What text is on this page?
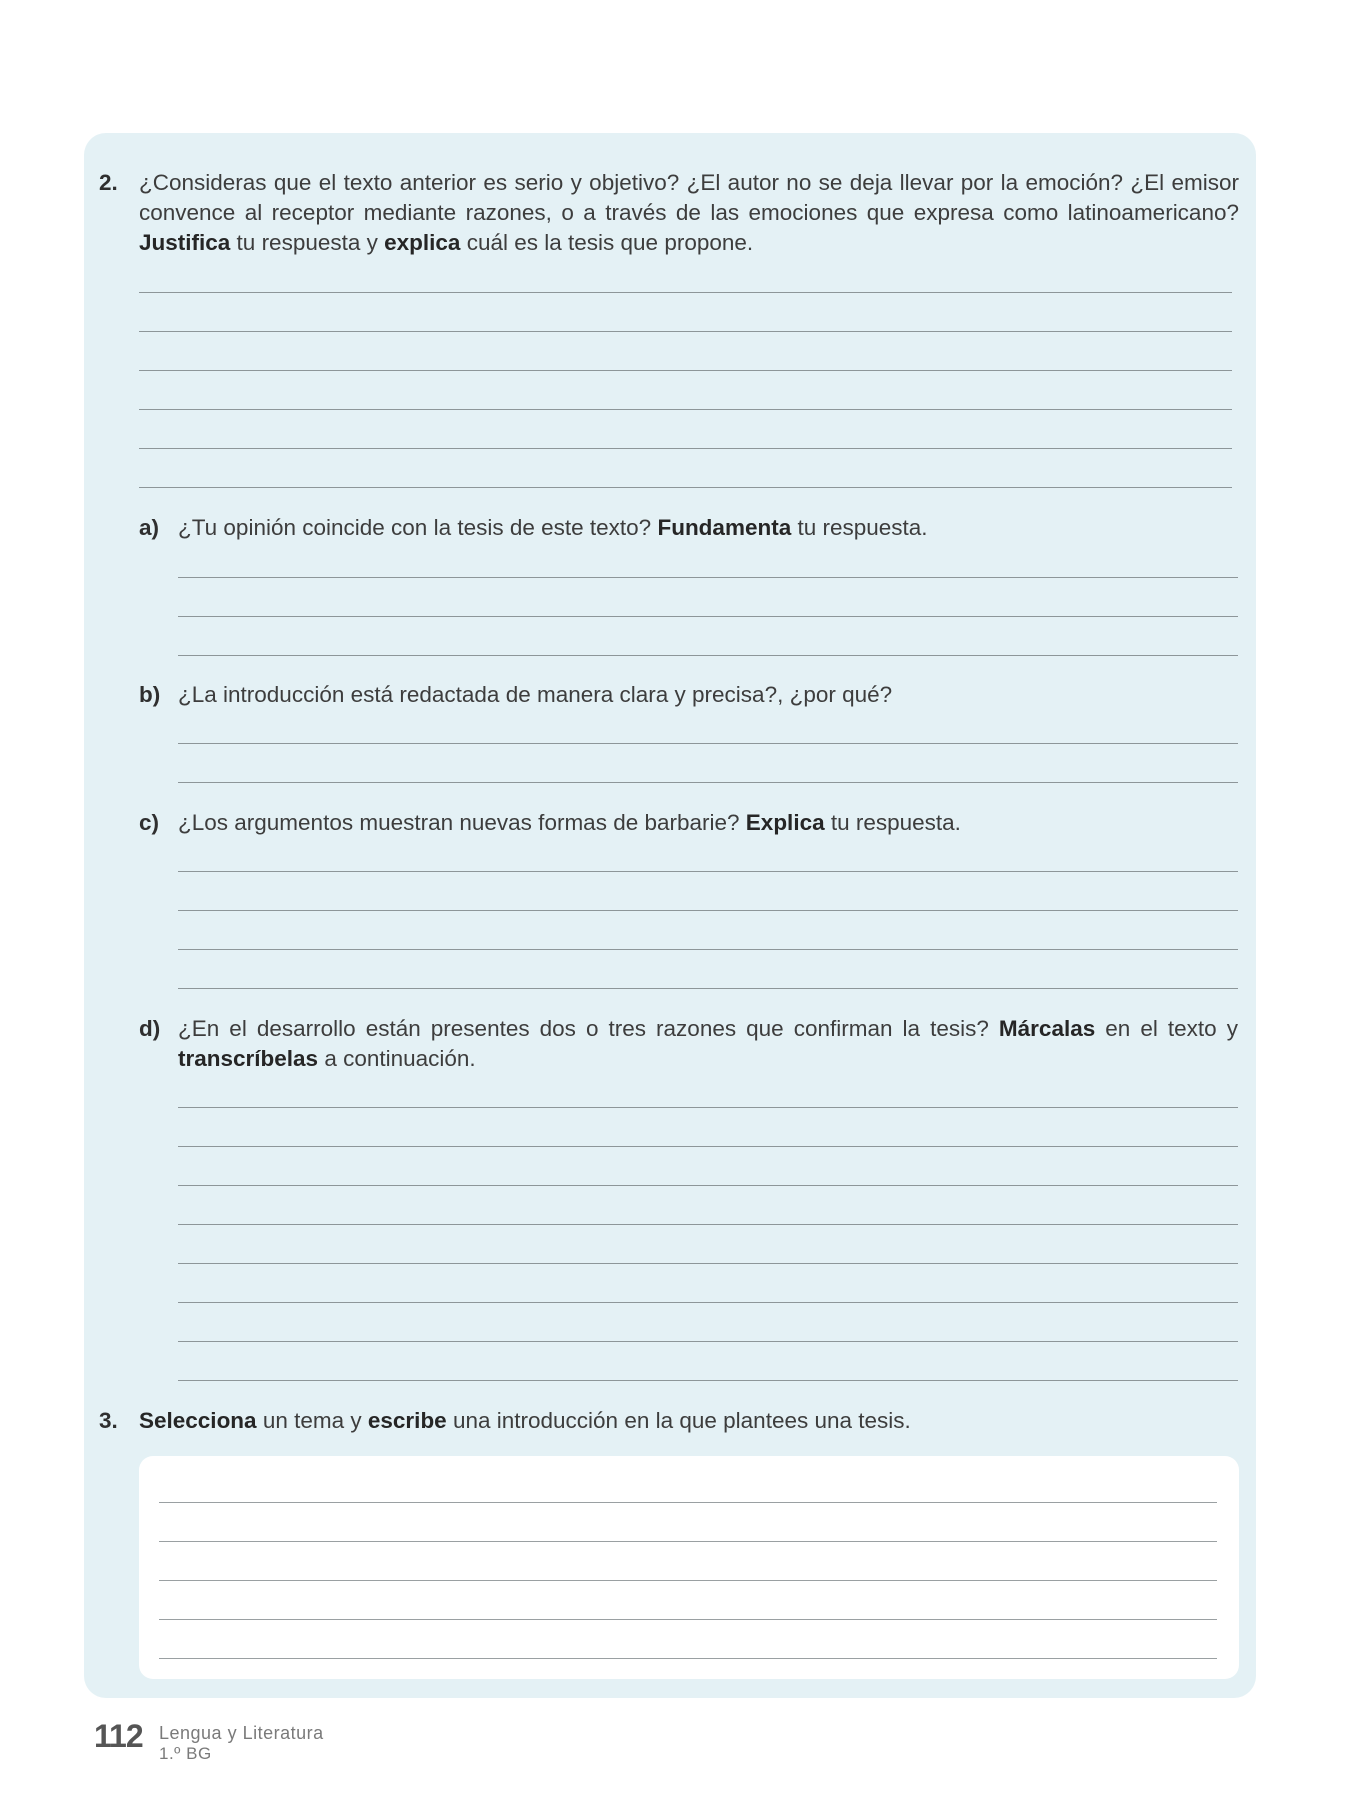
2. ¿Consideras que el texto anterior es serio y objetivo? ¿El autor no se deja llevar por la emoción? ¿El emisor convence al receptor mediante razones, o a través de las emociones que expresa como latinoamericano? Justifica tu respuesta y explica cuál es la tesis que propone.
a) ¿Tu opinión coincide con la tesis de este texto? Fundamenta tu respuesta.
b) ¿La introducción está redactada de manera clara y precisa?, ¿por qué?
c) ¿Los argumentos muestran nuevas formas de barbarie? Explica tu respuesta.
d) ¿En el desarrollo están presentes dos o tres razones que confirman la tesis? Márcalas en el texto y transcríbelas a continuación.
3. Selecciona un tema y escribe una introducción en la que plantees una tesis.
112 Lengua y Literatura
1.º BG
